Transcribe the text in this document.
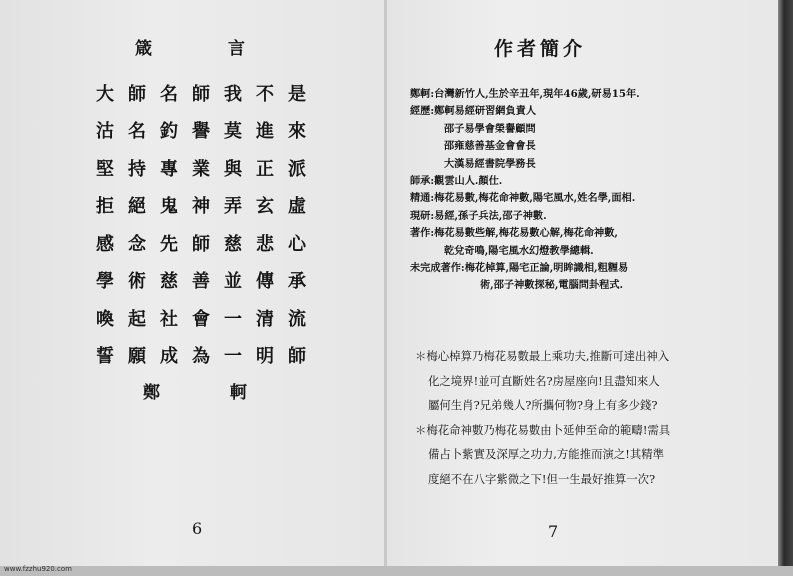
箴	言
大 師 名 師 我 不 是
沽 名 釣 譽 莫 進 來
堅 持 專 業 與 正 派
拒 絕 鬼 神 弄 玄 虛
感 念 先 師 慈 悲 心
學 術 慈 善 並 傳 承
喚 起 社 會 一 清 流
誓 願 成 為 一 明 師
鄭	軻
6
作者簡介
鄭軻:台灣新竹人,生於辛丑年,現年46歲,研易15年.
經歷:鄭軻易經研習網負責人
邵子易學會榮譽顧問
邵雍慈善基金會會長
大漢易經書院學務長
師承:觀雲山人.顏仕.
精通:梅花易數,梅花命神數,陽宅風水,姓名學,面相.
現研:易經,孫子兵法,邵子神數.
著作:梅花易數些解,梅花易數心解,梅花命神數,
乾兌奇鳴,陽宅風水幻燈教學總輯.
未完成著作:梅花棹算,陽宅正論,明眸識相,粗糎易
術,邵子神數探秘,電腦問卦程式.
＊梅心棹算乃梅花易數最上乘功夫,推斷可達出神入
化之境界!並可直斷姓名?房屋座向!且盡知來人
屬何生肖?兄弟幾人?所攜何物?身上有多少錢?
＊梅花命神數乃梅花易數由卜延伸至命的範疇!需具
備占卜紫實及深厚之功力,方能推而演之!其精準
度絕不在八字紫微之下!但一生最好推算一次?
7
www.fzzhu920.com
